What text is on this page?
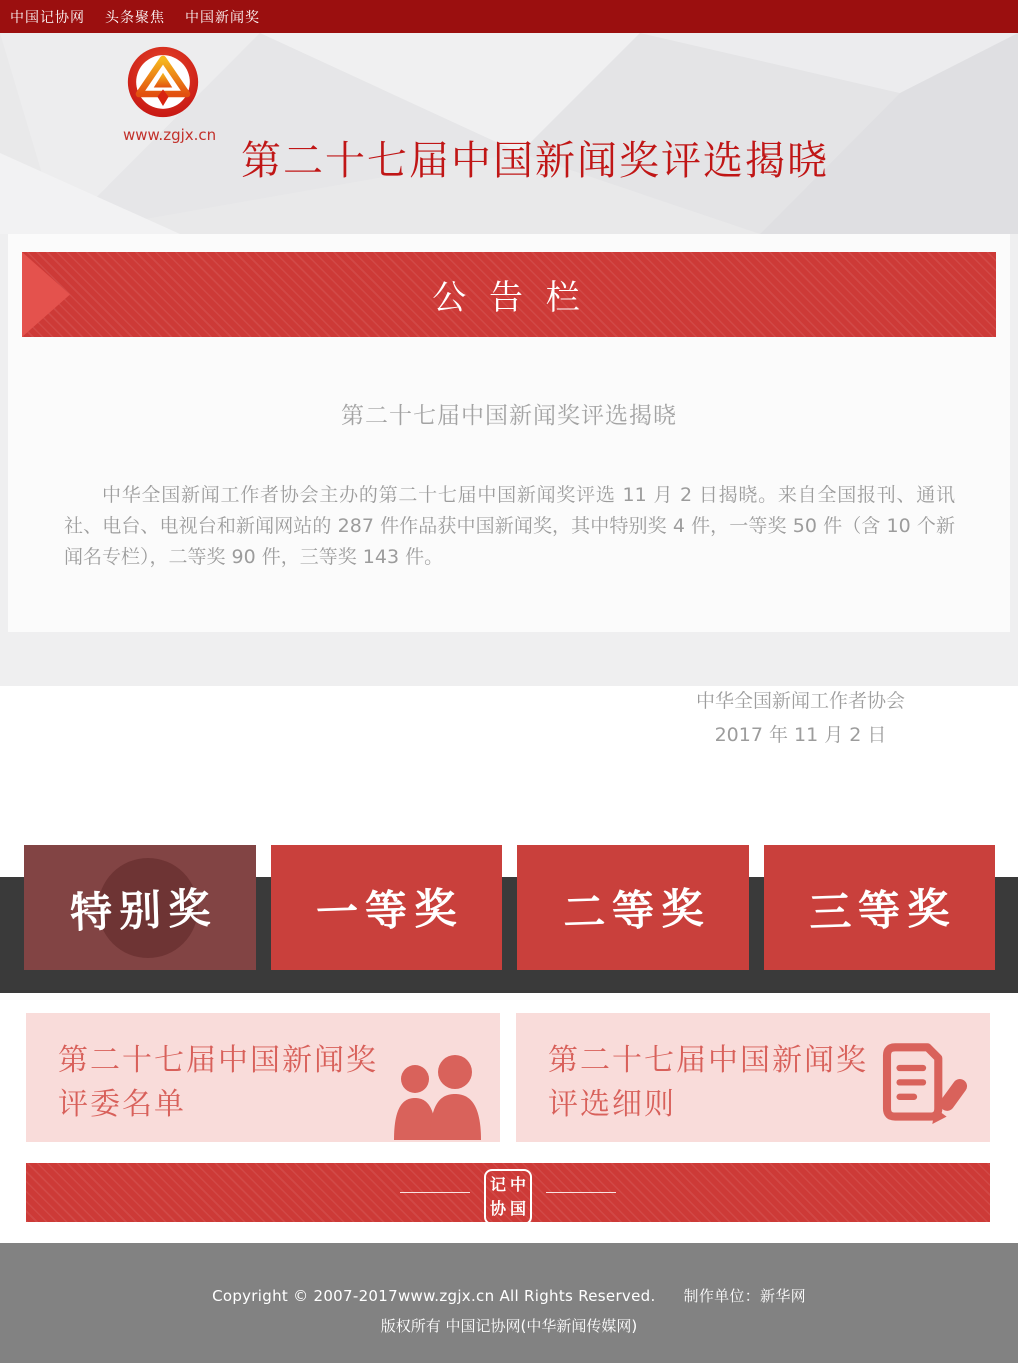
中国记协网 头条聚焦 中国新闻奖
www.zgjx.cn
第二十七届中国新闻奖评选揭晓
公 告 栏
第二十七届中国新闻奖评选揭晓
中华全国新闻工作者协会主办的第二十七届中国新闻奖评选 11 月 2 日揭晓。来自全国报刊、通讯社、电台、电视台和新闻网站的 287 件作品获中国新闻奖，其中特别奖 4 件，一等奖 50 件（含 10 个新闻名专栏），二等奖 90 件，三等奖 143 件。
中华全国新闻工作者协会
2017 年 11 月 2 日
特别奖 一等奖 二等奖 三等奖
第二十七届中国新闻奖
评委名单
第二十七届中国新闻奖
评选细则
记 中
协 国
Copyright © 2007-2017www.zgjx.cn All Rights Reserved. 制作单位：新华网
版权所有 中国记协网(中华新闻传媒网)
